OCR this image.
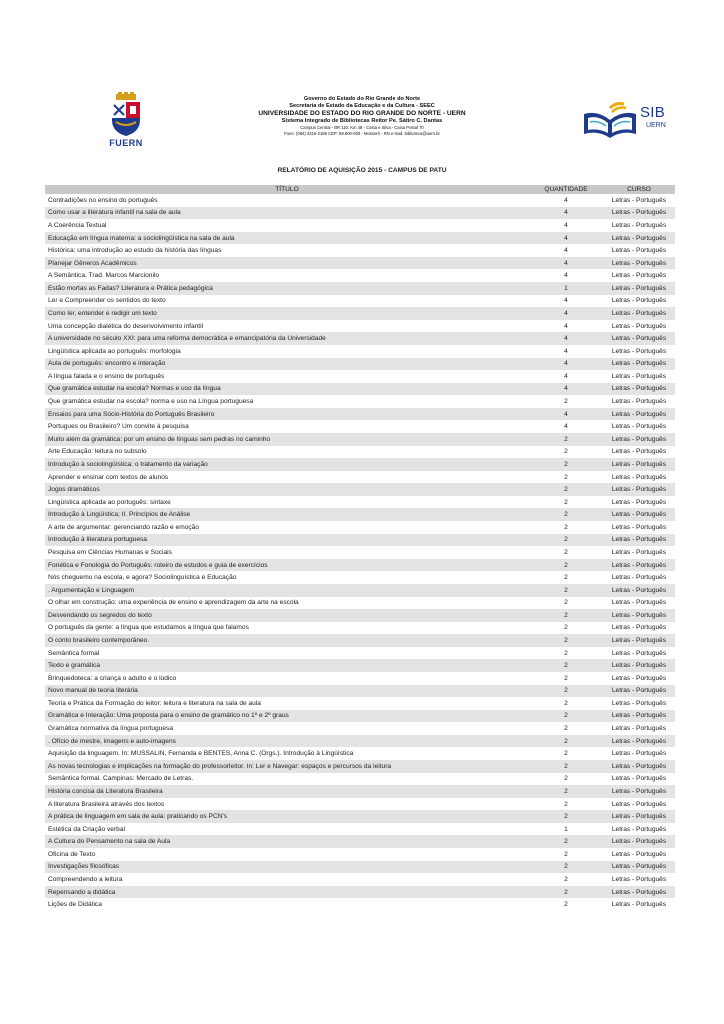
FUERN
Governo do Estado do Rio Grande do Norte
Secretaria de Estado da Educação e da Cultura - SEEC
UNIVERSIDADE DO ESTADO DO RIO GRANDE DO NORTE - UERN
Sistema Integrado de Bibliotecas Reitor Pe. Sátiro C. Dantas
Campus Central - BR 110, Km 48 - Costa e Silva - Caixa Postal 70
Fone: (084) 3315-2189 CEP: 59.600-000 - Mossoró - RN e-mail: biblioteca@uern.br
SIB
UERN
RELATÓRIO DE AQUISIÇÃO 2015 - CAMPUS DE PATU
TÍTULO	QUANTIDADE	CURSO
Contradições no ensino do português	4	Letras - Português
Como usar a literatura infantil na sala de aula	4	Letras - Português
A Coerência Textual	4	Letras - Português
Educação em língua materna: a sociolingüística na sala de aula	4	Letras - Português
Histórica: uma introdução ao estudo da história das línguas	4	Letras - Português
Planejar Gêneros Acadêmicos	4	Letras - Português
A Semântica. Trad. Marcos Marcionilo	4	Letras - Português
Estão mortas as Fadas? Literatura e Prática pedagógica	1	Letras - Português
Ler e Compreender os sentidos do texto	4	Letras - Português
Como ler, entender e redigir um texto	4	Letras - Português
Uma concepção dialética do desenvolvimento infantil	4	Letras - Português
A universidade no século XXI: para uma reforma democrática e emancipatória da Universidade	4	Letras - Português
Lingüística aplicada ao português: morfologia	4	Letras - Português
Aula de português: encontro e interação	4	Letras - Português
A língua falada e o ensino de português	4	Letras - Português
Que gramática estudar na escola? Normas e uso da língua	4	Letras - Português
Que gramática estudar na escola? norma e uso na Língua portuguesa	2	Letras - Português
Ensaios para uma Sócio-História do Português Brasileiro	4	Letras - Português
Portugues ou Brasileiro? Um convite à pesquisa	4	Letras - Português
Muito além da gramática: por um ensino de línguas sem pedras no caminho	2	Letras - Português
Arte Educação: leitura no subsolo	2	Letras - Português
Introdução à sociolingüística: o tratamento da variação	2	Letras - Português
Aprender e ensinar com textos de alunos	2	Letras - Português
Jogos dramáticos	2	Letras - Português
Lingüística aplicada ao português: sintaxe	2	Letras - Português
Introdução à Lingüística; II. Princípios de Análise	2	Letras - Português
A arte de argumentar: gerenciando razão e emoção	2	Letras - Português
Introdução à literatura portuguesa	2	Letras - Português
Pesquisa em Ciências Humanas e Sociais	2	Letras - Português
Fonética e Fonologia do Português: roteiro de estudos e guia de exercícios	2	Letras - Português
Nós cheguemu na escola, e agora? Sociolinguística e Educação	2	Letras - Português
. Argumentação e Linguagem	2	Letras - Português
O olhar em construção: uma experiência de ensino e aprendizagem da arte na escola	2	Letras - Português
Desvendando os segredos do texto	2	Letras - Português
O português da gente: a língua que estudamos a língua que falamos	2	Letras - Português
O conto brasileiro contemporâneo.	2	Letras - Português
Semântica formal	2	Letras - Português
Texto e gramática	2	Letras - Português
Brinquedoteca: a criança o adulto e o lúdico	2	Letras - Português
Novo manual de teoria literária	2	Letras - Português
Teoria e Prática da Formação do leitor: leitura e literatura na sala de aula	2	Letras - Português
Gramática e Interação: Uma proposta para o ensino de gramático no 1º e 2º graus	2	Letras - Português
Gramática normativa da língua portuguesa	2	Letras - Português
. Ofício de mestre, imagens e auto-imagens	2	Letras - Português
Aquisição da linguagem. In: MUSSALIN, Fernanda e BENTES, Anna C. (Orgs.). Introdução à Lingüística	2	Letras - Português
As novas tecnologias e implicações na formação do professorleitor. In: Ler e Navegar: espaços e percursos da leitura	2	Letras - Português
Semântica formal. Campinas: Mercado de Letras.	2	Letras - Português
História concisa da Literatura Brasileira	2	Letras - Português
A literatura Brasileira através dos textos	2	Letras - Português
A prática de linguagem em sala de aula: praticando os PCN's	2	Letras - Português
Estética da Criação verbal	1	Letras - Português
A Cultura do Pensamento na sala de Aula	2	Letras - Português
Oficina de Texto	2	Letras - Português
Investigações filosóficas	2	Letras - Português
Compreendendo a leitura	2	Letras - Português
Repensando a didática	2	Letras - Português
Lições de Didática	2	Letras - Português
